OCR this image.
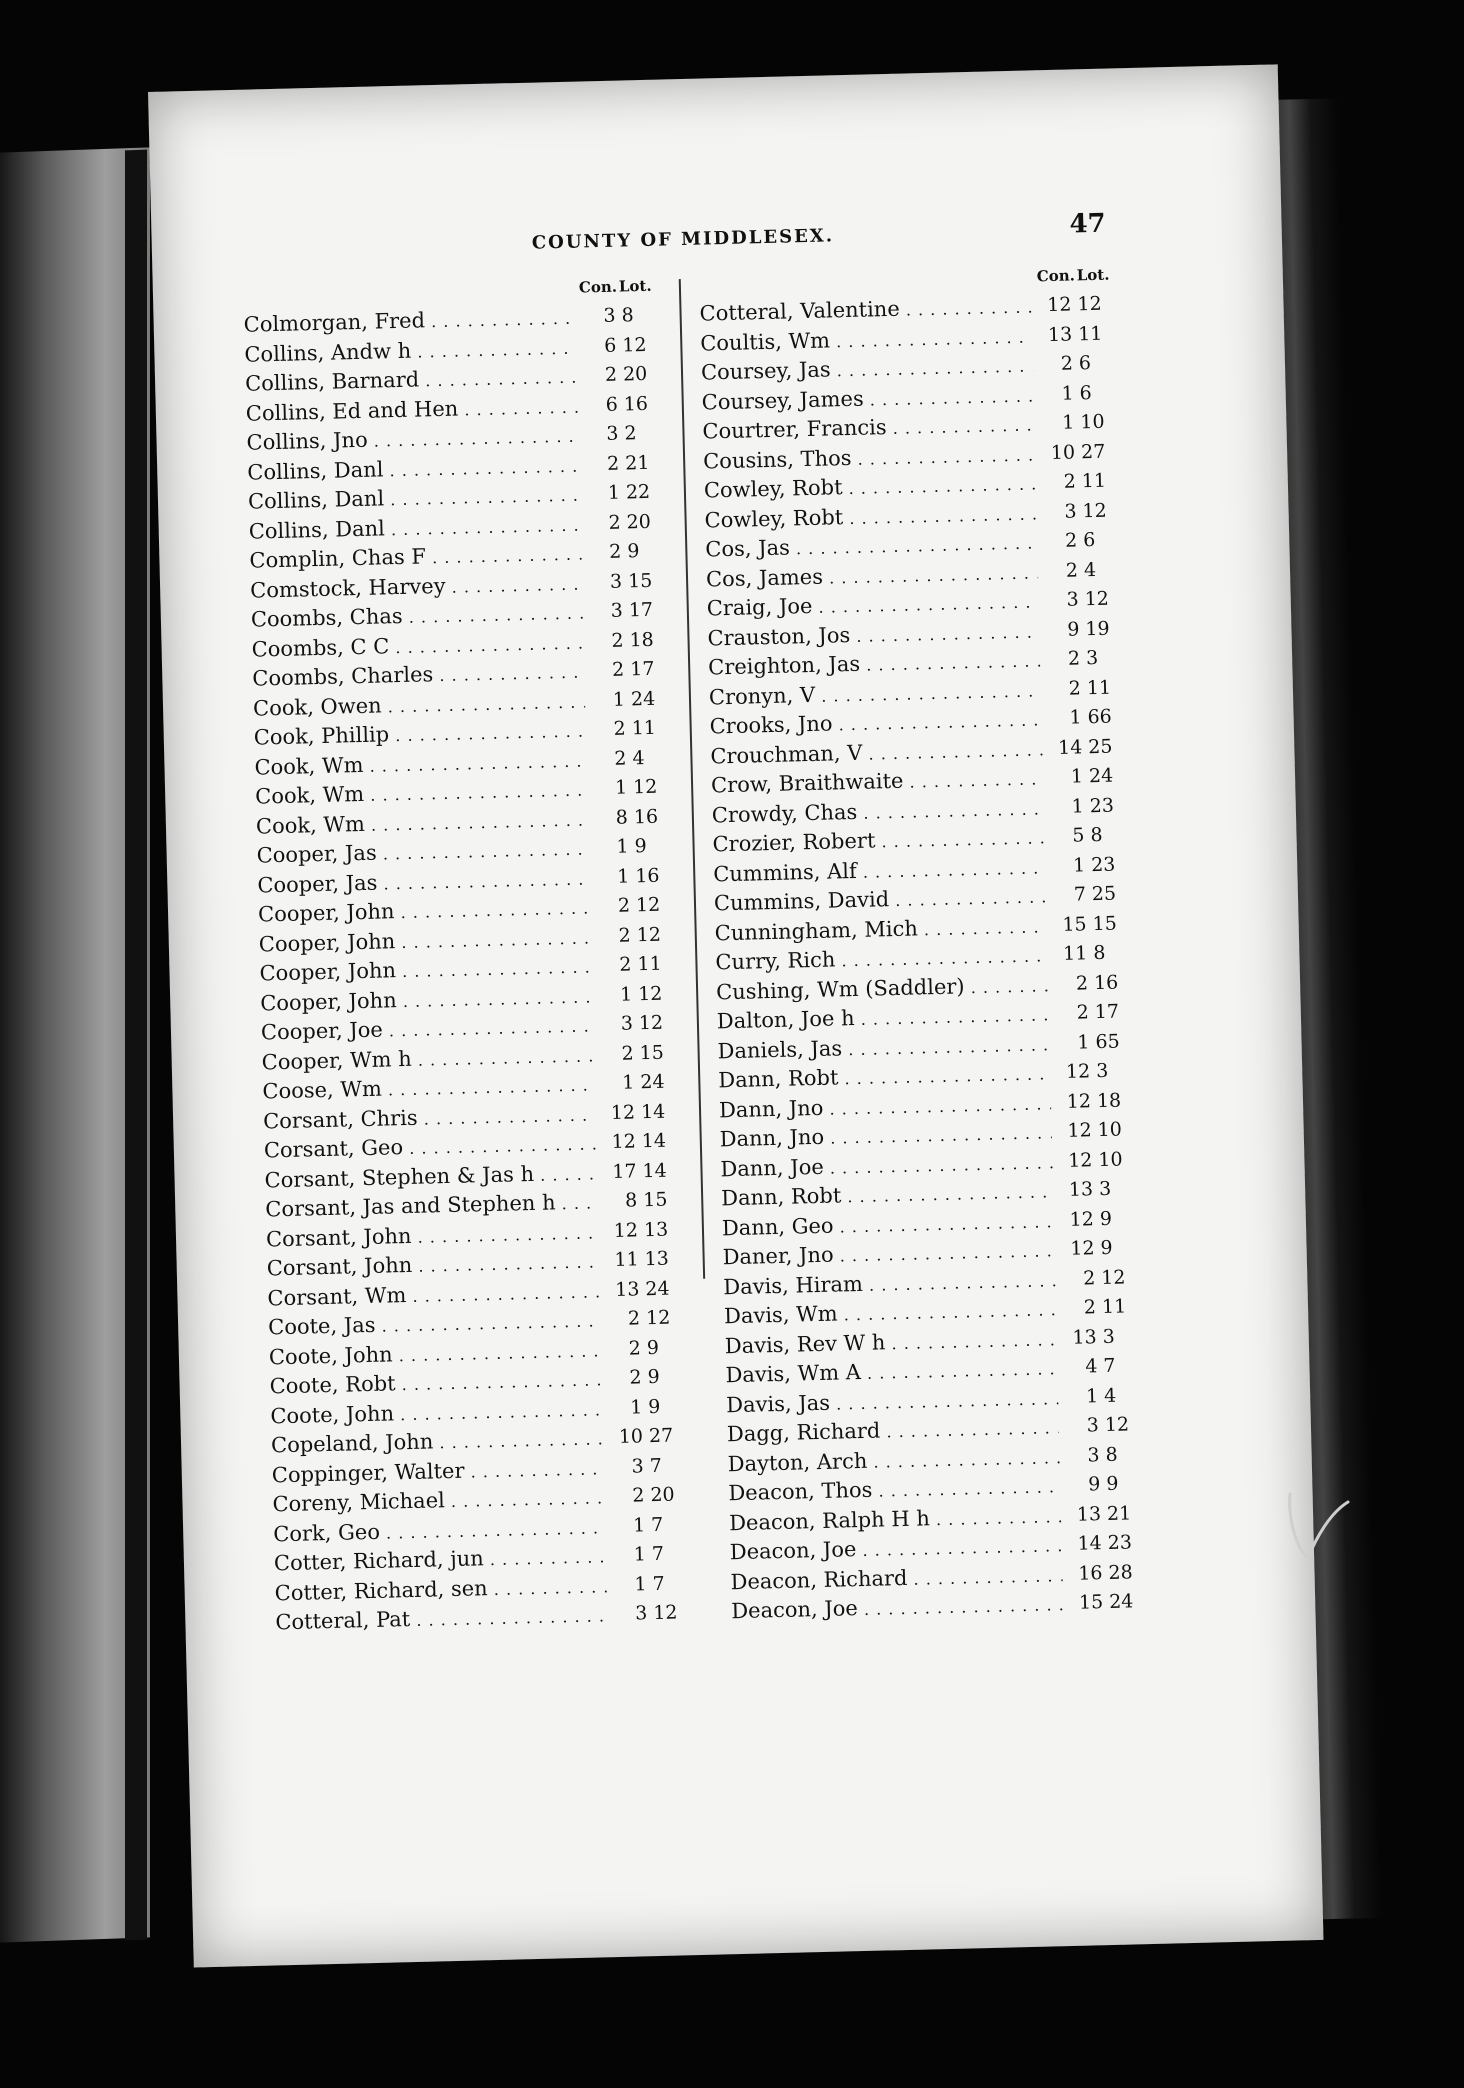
COUNTY OF MIDDLESEX.	47
Con. Lot.
Colmorgan, Fred . . .	3 8
Collins, Andw h . . .	6 12
Collins, Barnard . . .	2 20
Collins, Ed and Hen . . .	6 16
Collins, Jno . . .	3 2
Collins, Danl . . .	2 21
Collins, Danl . . .	1 22
Collins, Danl . . .	2 20
Complin, Chas F . . .	2 9
Comstock, Harvey . . .	3 15
Coombs, Chas . . .	3 17
Coombs, C C . . .	2 18
Coombs, Charles . . .	2 17
Cook, Owen . . .	1 24
Cook, Phillip . . .	2 11
Cook, Wm . . .	2 4
Cook, Wm . . .	1 12
Cook, Wm . . .	8 16
Cooper, Jas . . .	1 9
Cooper, Jas . . .	1 16
Cooper, John . . .	2 12
Cooper, John . . .	2 12
Cooper, John . . .	2 11
Cooper, John . . .	1 12
Cooper, Joe . . .	3 12
Cooper, Wm h . . .	2 15
Coose, Wm . . .	1 24
Corsant, Chris . . .	12 14
Corsant, Geo . . .	12 14
Corsant, Stephen & Jas h . . .	17 14
Corsant, Jas and Stephen h . . .	8 15
Corsant, John . . .	12 13
Corsant, John . . .	11 13
Corsant, Wm . . .	13 24
Coote, Jas . . .	2 12
Coote, John . . .	2 9
Coote, Robt . . .	2 9
Coote, John . . .	1 9
Copeland, John . . .	10 27
Coppinger, Walter . . .	3 7
Coreny, Michael . . .	2 20
Cork, Geo . . .	1 7
Cotter, Richard, jun . . .	1 7
Cotter, Richard, sen . . .	1 7
Cotteral, Pat . . .	3 12
Con. Lot.
Cotteral, Valentine . . .	12 12
Coultis, Wm . . .	13 11
Coursey, Jas . . .	2 6
Coursey, James . . .	1 6
Courtrer, Francis . . .	1 10
Cousins, Thos . . .	10 27
Cowley, Robt . . .	2 11
Cowley, Robt . . .	3 12
Cos, Jas . . .	2 6
Cos, James . . .	2 4
Craig, Joe . . .	3 12
Crauston, Jos . . .	9 19
Creighton, Jas . . .	2 3
Cronyn, V . . .	2 11
Crooks, Jno . . .	1 66
Crouchman, V . . .	14 25
Crow, Braithwaite . . .	1 24
Crowdy, Chas . . .	1 23
Crozier, Robert . . .	5 8
Cummins, Alf . . .	1 23
Cummins, David . . .	7 25
Cunningham, Mich . . .	15 15
Curry, Rich . . .	11 8
Cushing, Wm (Saddler) . . .	2 16
Dalton, Joe h . . .	2 17
Daniels, Jas . . .	1 65
Dann, Robt . . .	12 3
Dann, Jno . . .	12 18
Dann, Jno . . .	12 10
Dann, Joe . . .	12 10
Dann, Robt . . .	13 3
Dann, Geo . . .	12 9
Daner, Jno . . .	12 9
Davis, Hiram . . .	2 12
Davis, Wm . . .	2 11
Davis, Rev W h . . .	13 3
Davis, Wm A . . .	4 7
Davis, Jas . . .	1 4
Dagg, Richard . . .	3 12
Dayton, Arch . . .	3 8
Deacon, Thos . . .	9 9
Deacon, Ralph H h . . .	13 21
Deacon, Joe . . .	14 23
Deacon, Richard . . .	16 28
Deacon, Joe . . .	15 24
